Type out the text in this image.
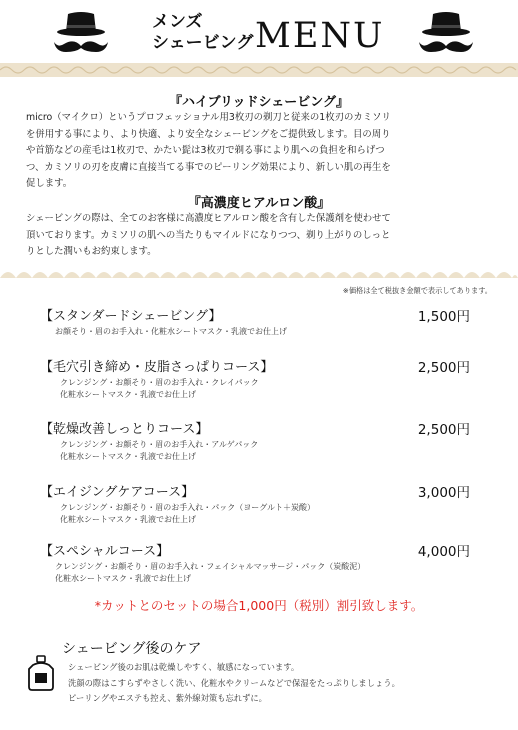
メンズ
シェービング MENU
『ハイブリッドシェービング』
micro（マイクロ）というプロフェッショナル用3枚刃の剃刀と従来の1枚刃のカミソリ
を併用する事により、より快適、より安全なシェービングをご提供致します。目の周り
や首筋などの産毛は1枚刃で、かたい髭は3枚刃で剃る事により肌への負担を和らげつ
つ、カミソリの刃を皮膚に直接当てる事でのピーリング効果により、新しい肌の再生を
促します。
『高濃度ヒアルロン酸』
シェービングの際は、全てのお客様に高濃度ヒアルロン酸を含有した保護剤を使わせて
頂いております。カミソリの肌への当たりもマイルドになりつつ、剃り上がりのしっと
りとした潤いもお約束します。
※価格は全て税抜き金額で表示してあります。
【スタンダードシェービング】	1,500円
お顔そり・眉のお手入れ・化粧水シートマスク・乳液でお仕上げ
【毛穴引き締め・皮脂さっぱりコース】	2,500円
クレンジング・お顔そり・眉のお手入れ・クレイパック
化粧水シートマスク・乳液でお仕上げ
【乾燥改善しっとりコース】	2,500円
クレンジング・お顔そり・眉のお手入れ・アルゲパック
化粧水シートマスク・乳液でお仕上げ
【エイジングケアコース】	3,000円
クレンジング・お顔そり・眉のお手入れ・パック（ヨーグルト＋炭酸）
化粧水シートマスク・乳液でお仕上げ
【スペシャルコース】	4,000円
クレンジング・お顔そり・眉のお手入れ・フェイシャルマッサージ・パック（炭酸泥）
化粧水シートマスク・乳液でお仕上げ
*カットとのセットの場合1,000円（税別）割引致します。
シェービング後のケア
シェービング後のお肌は乾燥しやすく、敏感になっています。
洗顔の際はこすらずやさしく洗い、化粧水やクリームなどで保湿をたっぷりしましょう。
ピーリングやエステも控え、紫外線対策も忘れずに。
